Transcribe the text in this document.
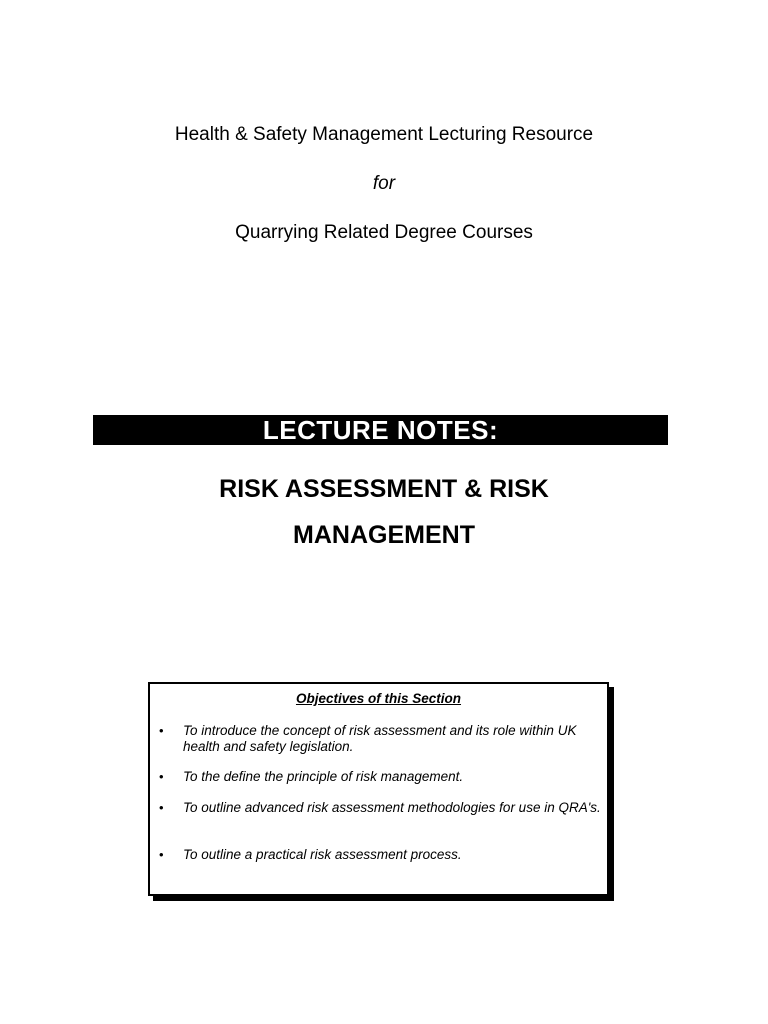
Health & Safety Management Lecturing Resource
for
Quarrying Related Degree Courses
LECTURE NOTES:
RISK ASSESSMENT & RISK
MANAGEMENT
Objectives of this Section
• To introduce the concept of risk assessment and its role within UK health and safety legislation.
• To the define the principle of risk management.
• To outline advanced risk assessment methodologies for use in QRA's.
• To outline a practical risk assessment process.
